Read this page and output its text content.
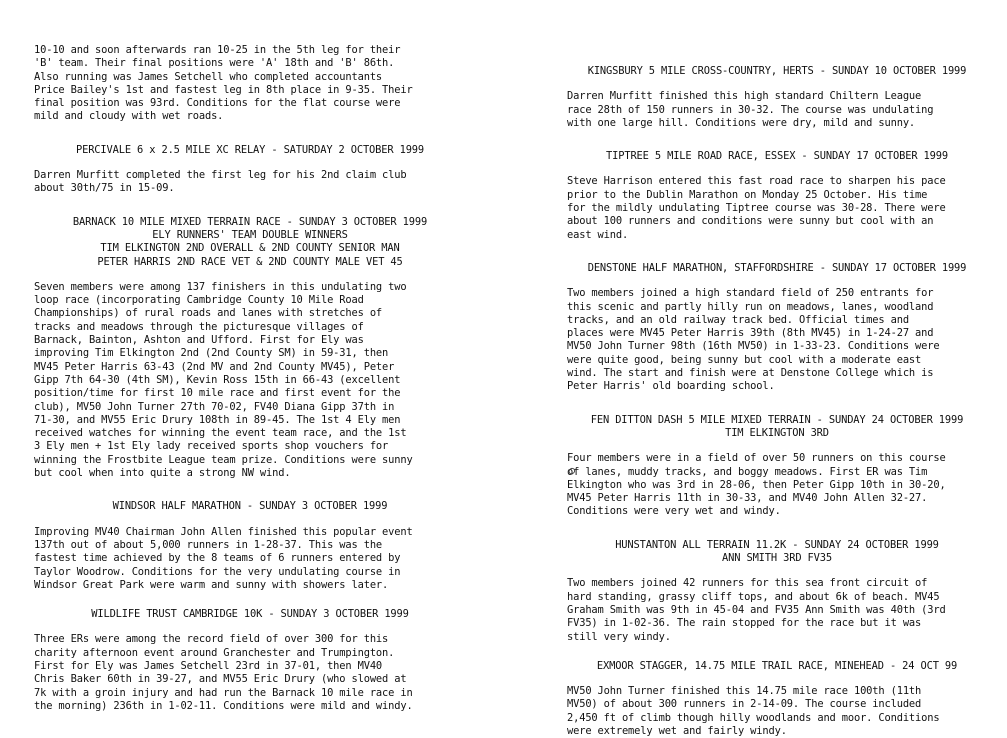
10-10 and soon afterwards ran 10-25 in the 5th leg for their
'B' team. Their final positions were 'A' 18th and 'B' 86th.
Also running was James Setchell who completed accountants
Price Bailey's 1st and fastest leg in 8th place in 9-35. Their
final position was 93rd. Conditions for the flat course were
mild and cloudy with wet roads.

PERCIVALE 6 x 2.5 MILE XC RELAY - SATURDAY 2 OCTOBER 1999

Darren Murfitt completed the first leg for his 2nd claim club
about 30th/75 in 15-09.

BARNACK 10 MILE MIXED TERRAIN RACE - SUNDAY 3 OCTOBER 1999
ELY RUNNERS' TEAM DOUBLE WINNERS
TIM ELKINGTON 2ND OVERALL & 2ND COUNTY SENIOR MAN
PETER HARRIS 2ND RACE VET & 2ND COUNTY MALE VET 45

Seven members were among 137 finishers in this undulating two
loop race (incorporating Cambridge County 10 Mile Road
Championships) of rural roads and lanes with stretches of
tracks and meadows through the picturesque villages of
Barnack, Bainton, Ashton and Ufford. First for Ely was
improving Tim Elkington 2nd (2nd County SM) in 59-31, then
MV45 Peter Harris 63-43 (2nd MV and 2nd County MV45), Peter
Gipp 7th 64-30 (4th SM), Kevin Ross 15th in 66-43 (excellent
position/time for first 10 mile race and first event for the
club), MV50 John Turner 27th 70-02, FV40 Diana Gipp 37th in
71-30, and MV55 Eric Drury 108th in 89-45. The 1st 4 Ely men
received watches for winning the event team race, and the 1st
3 Ely men + 1st Ely lady received sports shop vouchers for
winning the Frostbite League team prize. Conditions were sunny
but cool when into quite a strong NW wind.

WINDSOR HALF MARATHON - SUNDAY 3 OCTOBER 1999

Improving MV40 Chairman John Allen finished this popular event
137th out of about 5,000 runners in 1-28-37. This was the
fastest time achieved by the 8 teams of 6 runners entered by
Taylor Woodrow. Conditions for the very undulating course in
Windsor Great Park were warm and sunny with showers later.

WILDLIFE TRUST CAMBRIDGE 10K - SUNDAY 3 OCTOBER 1999

Three ERs were among the record field of over 300 for this
charity afternoon event around Granchester and Trumpington.
First for Ely was James Setchell 23rd in 37-01, then MV40
Chris Baker 60th in 39-27, and MV55 Eric Drury (who slowed at
7k with a groin injury and had run the Barnack 10 mile race in
the morning) 236th in 1-02-11. Conditions were mild and windy.

KINGSBURY 5 MILE CROSS-COUNTRY, HERTS - SUNDAY 10 OCTOBER 1999

Darren Murfitt finished this high standard Chiltern League
race 28th of 150 runners in 30-32. The course was undulating
with one large hill. Conditions were dry, mild and sunny.

TIPTREE 5 MILE ROAD RACE, ESSEX - SUNDAY 17 OCTOBER 1999

Steve Harrison entered this fast road race to sharpen his pace
prior to the Dublin Marathon on Monday 25 October. His time
for the mildly undulating Tiptree course was 30-28. There were
about 100 runners and conditions were sunny but cool with an
east wind.

DENSTONE HALF MARATHON, STAFFORDSHIRE - SUNDAY 17 OCTOBER 1999

Two members joined a high standard field of 250 entrants for
this scenic and partly hilly run on meadows, lanes, woodland
tracks, and an old railway track bed. Official times and
places were MV45 Peter Harris 39th (8th MV45) in 1-24-27 and
MV50 John Turner 98th (16th MV50) in 1-33-23. Conditions were
were quite good, being sunny but cool with a moderate east
wind. The start and finish were at Denstone College which is
Peter Harris' old boarding school.

FEN DITTON DASH 5 MILE MIXED TERRAIN - SUNDAY 24 OCTOBER 1999
TIM ELKINGTON 3RD

Four members were in a field of over 50 runners on this course
of lanes, muddy tracks, and boggy meadows. First ER was Tim
Elkington who was 3rd in 28-06, then Peter Gipp 10th in 30-20,
MV45 Peter Harris 11th in 30-33, and MV40 John Allen 32-27.
Conditions were very wet and windy.

HUNSTANTON ALL TERRAIN 11.2K - SUNDAY 24 OCTOBER 1999
ANN SMITH 3RD FV35

Two members joined 42 runners for this sea front circuit of
hard standing, grassy cliff tops, and about 6k of beach. MV45
Graham Smith was 9th in 45-04 and FV35 Ann Smith was 40th (3rd
FV35) in 1-02-36. The rain stopped for the race but it was
still very windy.

EXMOOR STAGGER, 14.75 MILE TRAIL RACE, MINEHEAD - 24 OCT 99

MV50 John Turner finished this 14.75 mile race 100th (11th
MV50) of about 300 runners in 2-14-09. The course included
2,450 ft of climb though hilly woodlands and moor. Conditions
were extremely wet and fairly windy.
